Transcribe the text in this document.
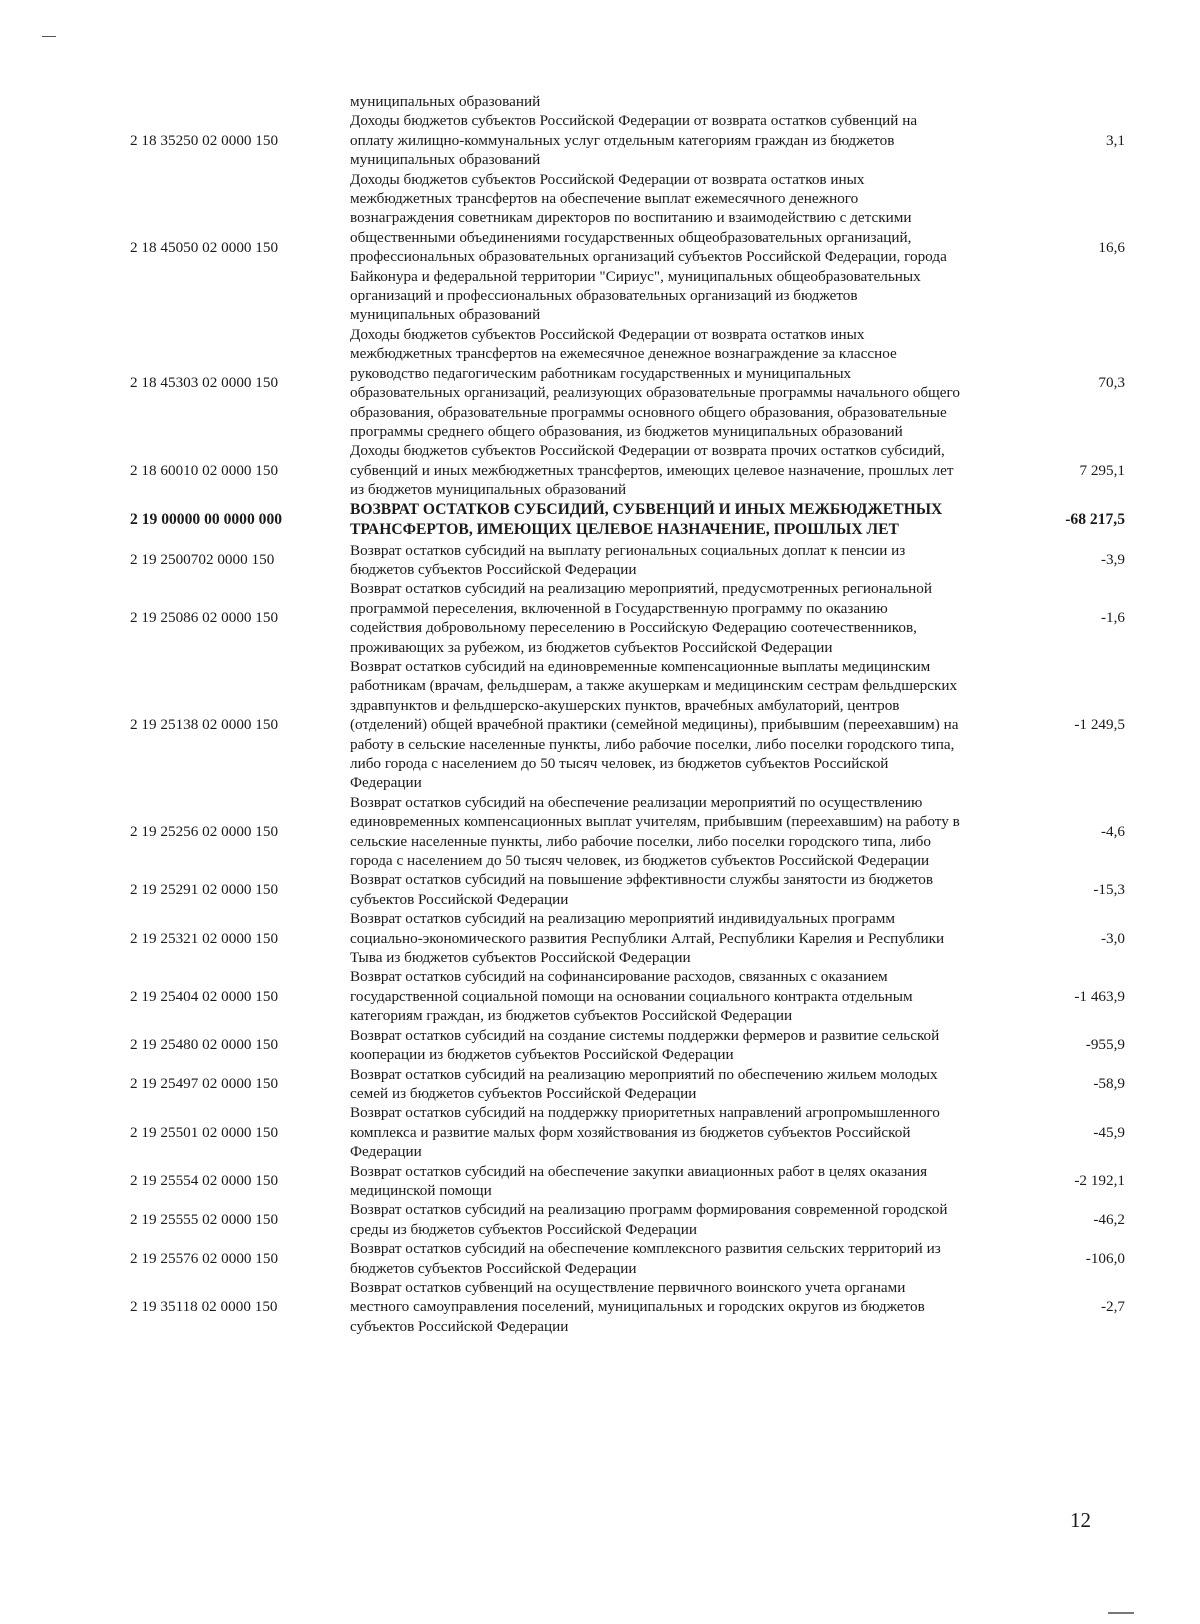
	муниципальных образований	
2 18 35250 02 0000 150	Доходы бюджетов субъектов Российской Федерации от возврата остатков субвенций на оплату жилищно-коммунальных услуг отдельным категориям граждан из бюджетов муниципальных образований	3,1
2 18 45050 02 0000 150	Доходы бюджетов субъектов Российской Федерации от возврата остатков иных межбюджетных трансфертов на обеспечение выплат ежемесячного денежного вознаграждения советникам директоров по воспитанию и взаимодействию с детскими общественными объединениями государственных общеобразовательных организаций, профессиональных образовательных организаций субъектов Российской Федерации, города Байконура и федеральной территории "Сириус", муниципальных общеобразовательных организаций и профессиональных образовательных организаций из бюджетов муниципальных образований	16,6
2 18 45303 02 0000 150	Доходы бюджетов субъектов Российской Федерации от возврата остатков иных межбюджетных трансфертов на ежемесячное денежное вознаграждение за классное руководство педагогическим работникам государственных и муниципальных образовательных организаций, реализующих образовательные программы начального общего образования, образовательные программы основного общего образования, образовательные программы среднего общего образования, из бюджетов муниципальных образований	70,3
2 18 60010 02 0000 150	Доходы бюджетов субъектов Российской Федерации от возврата прочих остатков субсидий, субвенций и иных межбюджетных трансфертов, имеющих целевое назначение, прошлых лет из бюджетов муниципальных образований	7 295,1
2 19 00000 00 0000 000	ВОЗВРАТ ОСТАТКОВ СУБСИДИЙ, СУБВЕНЦИЙ И ИНЫХ МЕЖБЮДЖЕТНЫХ ТРАНСФЕРТОВ, ИМЕЮЩИХ ЦЕЛЕВОЕ НАЗНАЧЕНИЕ, ПРОШЛЫХ ЛЕТ	-68 217,5
2 19 2500702 0000 150	Возврат остатков субсидий на выплату региональных социальных доплат к пенсии из бюджетов субъектов Российской Федерации	-3,9
2 19 25086 02 0000 150	Возврат остатков субсидий на реализацию мероприятий, предусмотренных региональной программой переселения, включенной в Государственную программу по оказанию содействия добровольному переселению в Российскую Федерацию соотечественников, проживающих за рубежом, из бюджетов субъектов Российской Федерации	-1,6
2 19 25138 02 0000 150	Возврат остатков субсидий на единовременные компенсационные выплаты медицинским работникам (врачам, фельдшерам, а также акушеркам и медицинским сестрам фельдшерских здравпунктов и фельдшерско-акушерских пунктов, врачебных амбулаторий, центров (отделений) общей врачебной практики (семейной медицины), прибывшим (переехавшим) на работу в сельские населенные пункты, либо рабочие поселки, либо поселки городского типа, либо города с населением до 50 тысяч человек, из бюджетов субъектов Российской Федерации	-1 249,5
2 19 25256 02 0000 150	Возврат остатков субсидий на обеспечение реализации мероприятий по осуществлению единовременных компенсационных выплат учителям, прибывшим (переехавшим) на работу в сельские населенные пункты, либо рабочие поселки, либо поселки городского типа, либо города с населением до 50 тысяч человек, из бюджетов субъектов Российской Федерации	-4,6
2 19 25291 02 0000 150	Возврат остатков субсидий на повышение эффективности службы занятости из бюджетов субъектов Российской Федерации	-15,3
2 19 25321 02 0000 150	Возврат остатков субсидий на реализацию мероприятий индивидуальных программ социально-экономического развития Республики Алтай, Республики Карелия и Республики Тыва из бюджетов субъектов Российской Федерации	-3,0
2 19 25404 02 0000 150	Возврат остатков субсидий на софинансирование расходов, связанных с оказанием государственной социальной помощи на основании социального контракта отдельным категориям граждан, из бюджетов субъектов Российской Федерации	-1 463,9
2 19 25480 02 0000 150	Возврат остатков субсидий на создание системы поддержки фермеров и развитие сельской кооперации из бюджетов субъектов Российской Федерации	-955,9
2 19 25497 02 0000 150	Возврат остатков субсидий на реализацию мероприятий по обеспечению жильем молодых семей из бюджетов субъектов Российской Федерации	-58,9
2 19 25501 02 0000 150	Возврат остатков субсидий на поддержку приоритетных направлений агропромышленного комплекса и развитие малых форм хозяйствования из бюджетов субъектов Российской Федерации	-45,9
2 19 25554 02 0000 150	Возврат остатков субсидий на обеспечение закупки авиационных работ в целях оказания медицинской помощи	-2 192,1
2 19 25555 02 0000 150	Возврат остатков субсидий на реализацию программ формирования современной городской среды из бюджетов субъектов Российской Федерации	-46,2
2 19 25576 02 0000 150	Возврат остатков субсидий на обеспечение комплексного развития сельских территорий из бюджетов субъектов Российской Федерации	-106,0
2 19 35118 02 0000 150	Возврат остатков субвенций на осуществление первичного воинского учета органами местного самоуправления поселений, муниципальных и городских округов из бюджетов субъектов Российской Федерации	-2,7
12
